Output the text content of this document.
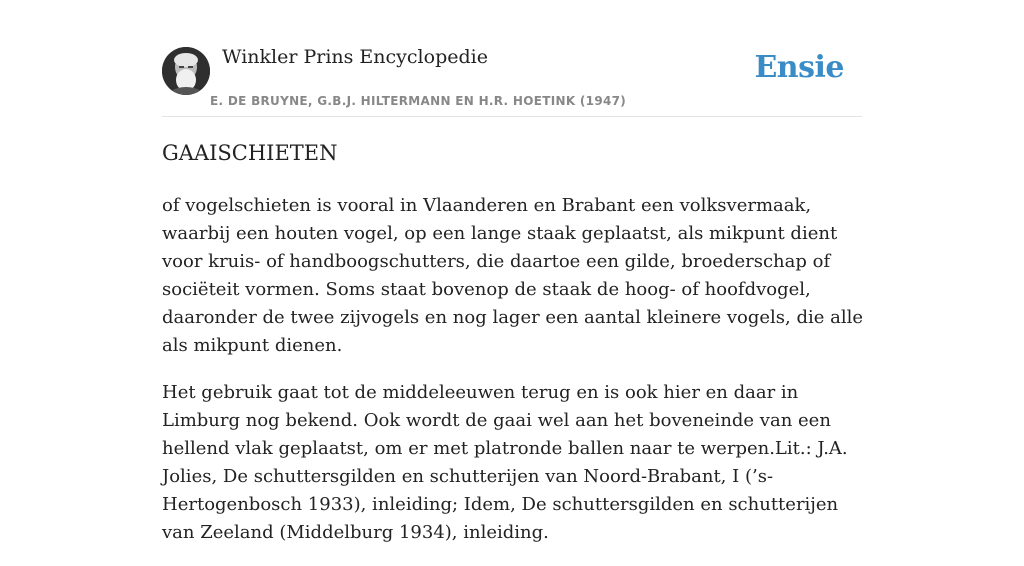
Winkler Prins Encyclopedie
E. DE BRUYNE, G.B.J. HILTERMANN EN H.R. HOETINK (1947)
Ensie
GAAISCHIETEN

of vogelschieten is vooral in Vlaanderen en Brabant een volksvermaak, waarbij een houten vogel, op een lange staak geplaatst, als mikpunt dient voor kruis- of handboogschutters, die daartoe een gilde, broederschap of sociëteit vormen. Soms staat bovenop de staak de hoog- of hoofdvogel, daaronder de twee zijvogels en nog lager een aantal kleinere vogels, die alle als mikpunt dienen.

Het gebruik gaat tot de middeleeuwen terug en is ook hier en daar in Limburg nog bekend. Ook wordt de gaai wel aan het boveneinde van een hellend vlak geplaatst, om er met platronde ballen naar te werpen.Lit.: J.A. Jolies, De schuttersgilden en schutterijen van Noord-Brabant, I (’s-Hertogenbosch 1933), inleiding; Idem, De schuttersgilden en schutterijen van Zeeland (Middelburg 1934), inleiding.
